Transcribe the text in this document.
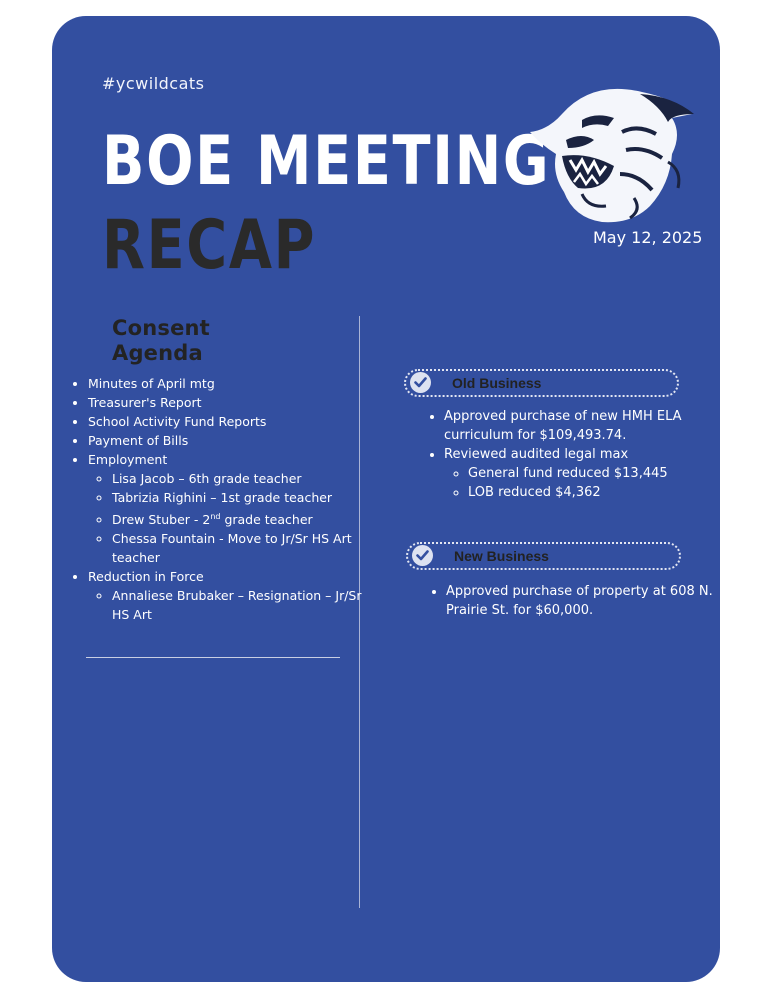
#ycwildcats
BOE MEETING
RECAP	May 12, 2025
Consent
Agenda
• Minutes of April mtg
• Treasurer's Report
• School Activity Fund Reports
• Payment of Bills
• Employment
◦ Lisa Jacob – 6th grade teacher
◦ Tabrizia Righini – 1st grade teacher
◦ Drew Stuber - 2nd grade teacher
◦ Chessa Fountain - Move to Jr/Sr HS Art teacher
• Reduction in Force
◦ Annaliese Brubaker – Resignation – Jr/Sr HS Art
Old Business
• Approved purchase of new HMH ELA curriculum for $109,493.74.
• Reviewed audited legal max
◦ General fund reduced $13,445
◦ LOB reduced $4,362
New Business
• Approved purchase of property at 608 N. Prairie St. for $60,000.
